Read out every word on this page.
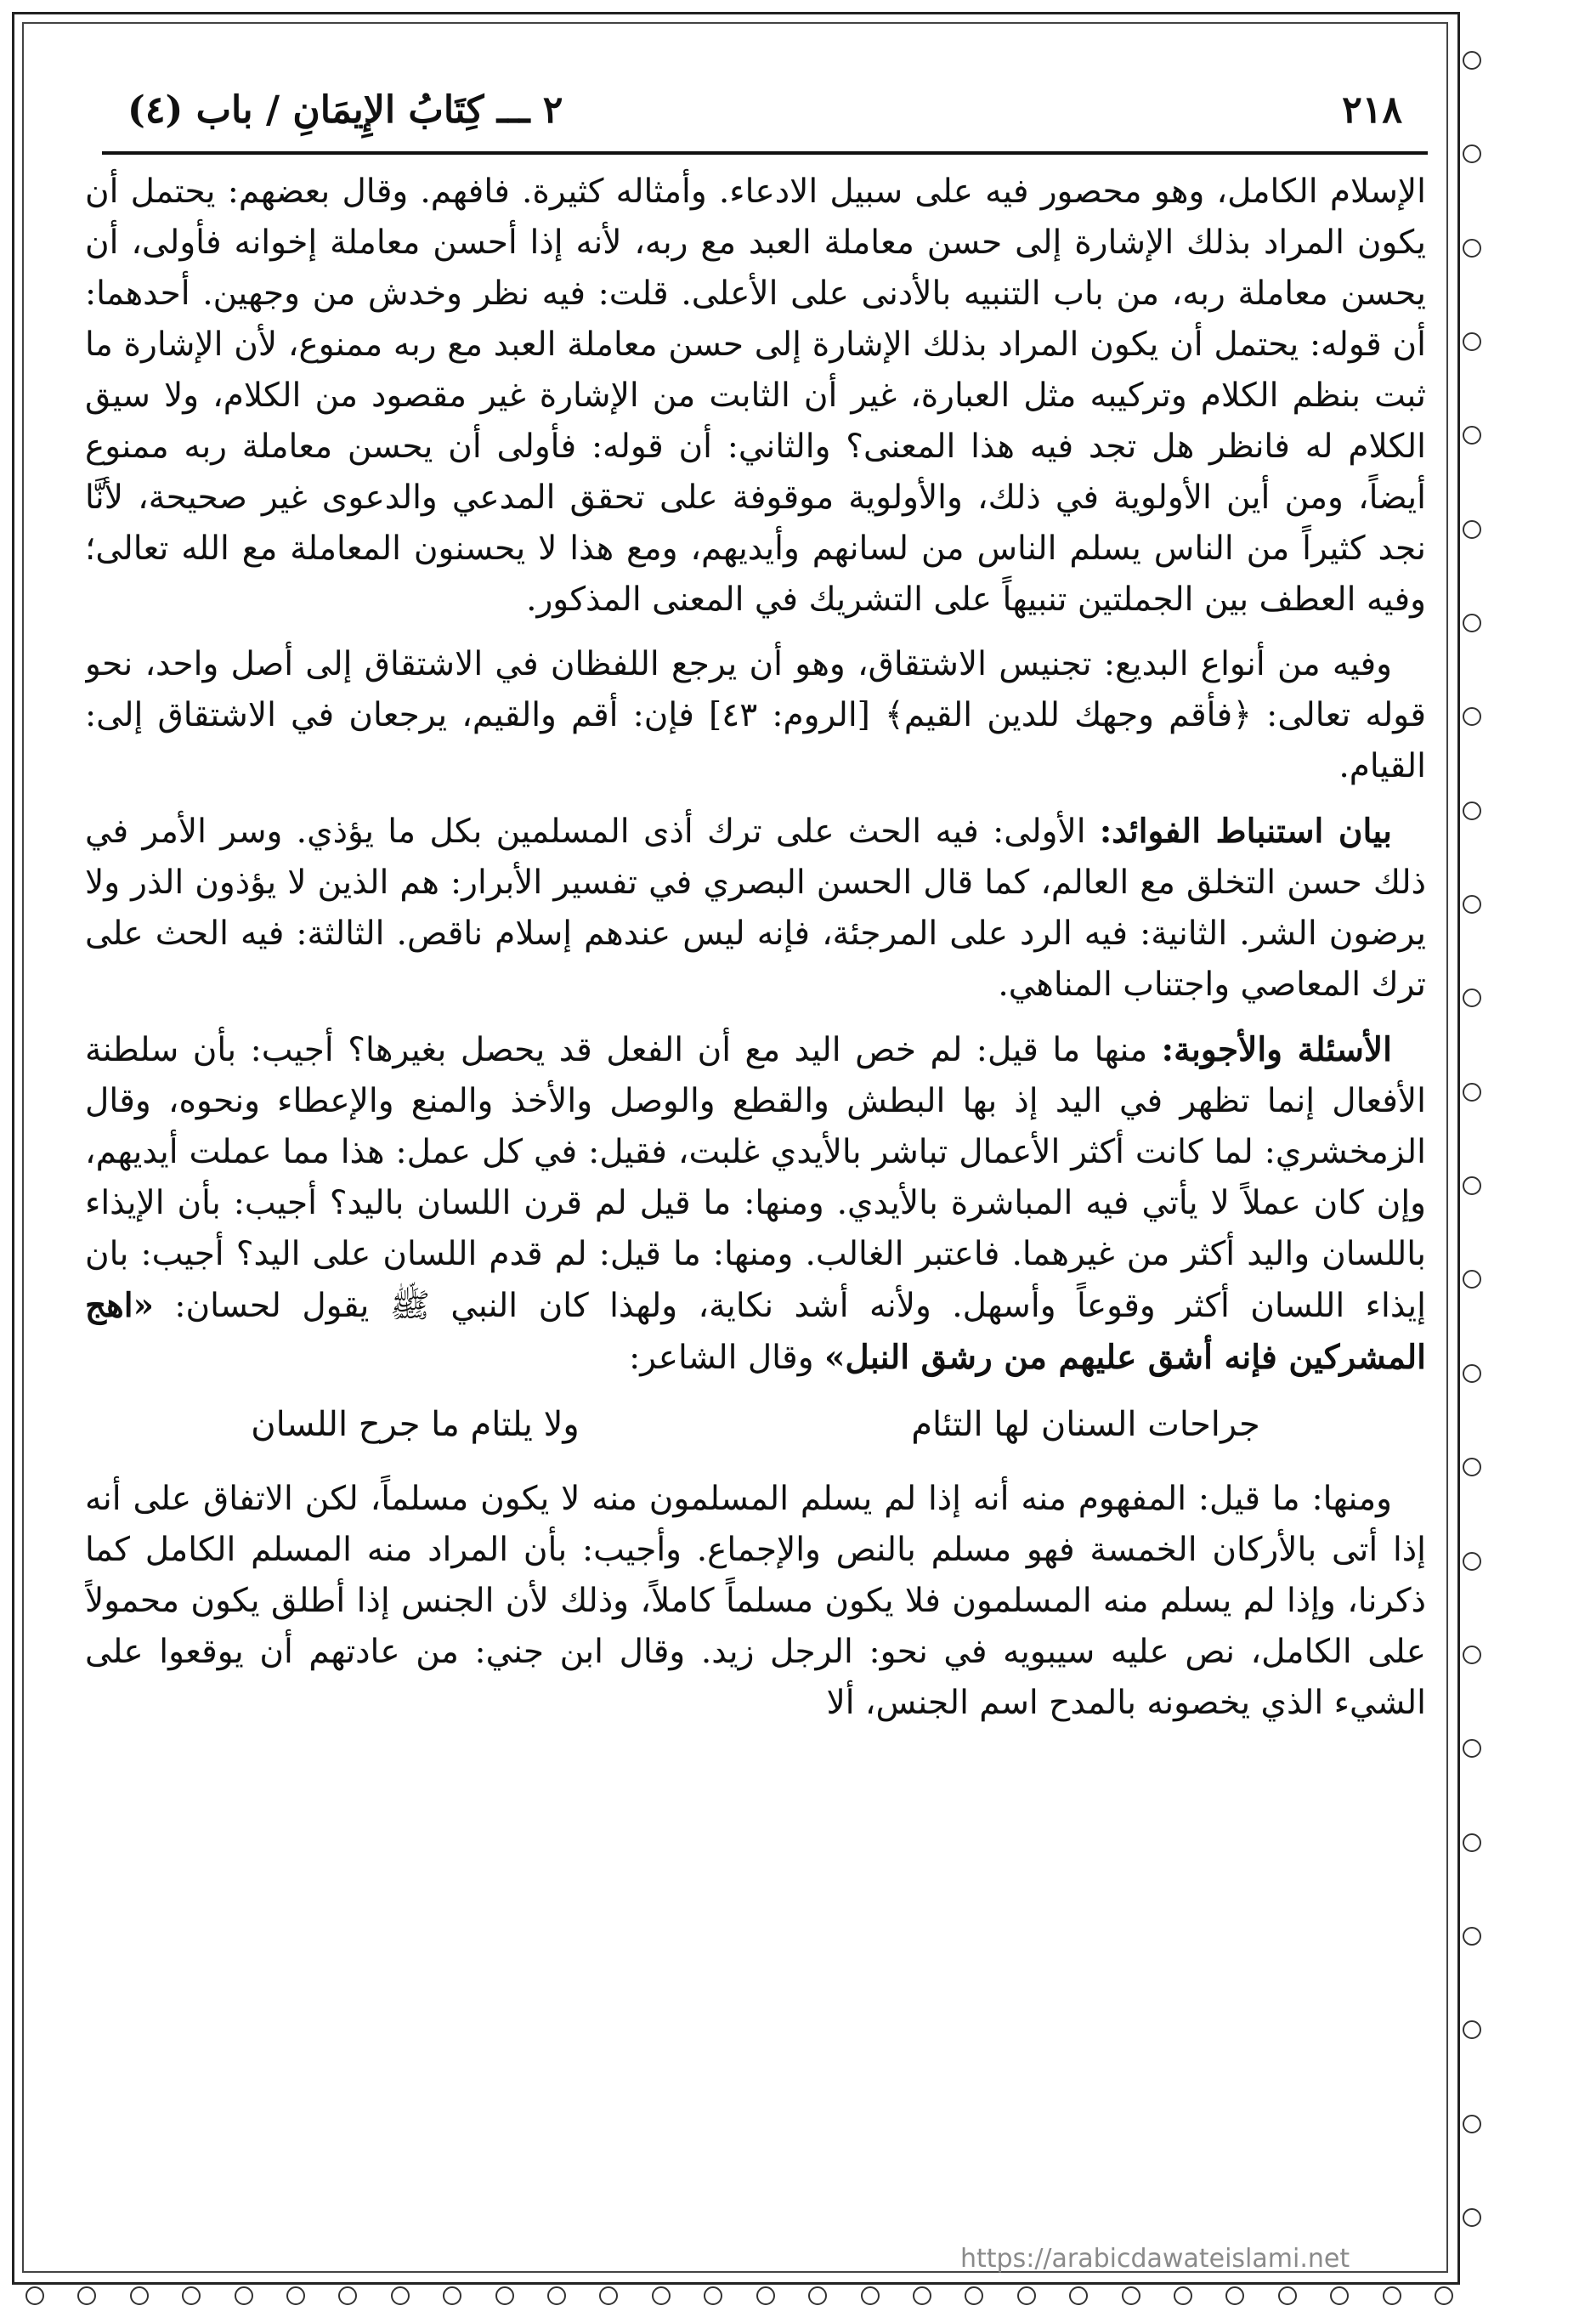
٢١٨
٢ ـــ كِتَابُ الإِيمَانِ / باب (٤)

الإسلام الكامل، وهو محصور فيه على سبيل الادعاء. وأمثاله كثيرة. فافهم. وقال بعضهم: يحتمل أن يكون المراد بذلك الإشارة إلى حسن معاملة العبد مع ربه، لأنه إذا أحسن معاملة إخوانه فأولى، أن يحسن معاملة ربه، من باب التنبيه بالأدنى على الأعلى. قلت: فيه نظر وخدش من وجهين. أحدهما: أن قوله: يحتمل أن يكون المراد بذلك الإشارة إلى حسن معاملة العبد مع ربه ممنوع، لأن الإشارة ما ثبت بنظم الكلام وتركيبه مثل العبارة، غير أن الثابت من الإشارة غير مقصود من الكلام، ولا سيق الكلام له فانظر هل تجد فيه هذا المعنى؟ والثاني: أن قوله: فأولى أن يحسن معاملة ربه ممنوع أيضاً، ومن أين الأولوية في ذلك، والأولوية موقوفة على تحقق المدعي والدعوى غير صحيحة، لأنَّا نجد كثيراً من الناس يسلم الناس من لسانهم وأيديهم، ومع هذا لا يحسنون المعاملة مع الله تعالى؛ وفيه العطف بين الجملتين تنبيهاً على التشريك في المعنى المذكور.

وفيه من أنواع البديع: تجنيس الاشتقاق، وهو أن يرجع اللفظان في الاشتقاق إلى أصل واحد، نحو قوله تعالى: ﴿فأقم وجهك للدين القيم﴾ [الروم: ٤٣] فإن: أقم والقيم، يرجعان في الاشتقاق إلى: القيام.

بيان استنباط الفوائد: الأولى: فيه الحث على ترك أذى المسلمين بكل ما يؤذي. وسر الأمر في ذلك حسن التخلق مع العالم، كما قال الحسن البصري في تفسير الأبرار: هم الذين لا يؤذون الذر ولا يرضون الشر. الثانية: فيه الرد على المرجئة، فإنه ليس عندهم إسلام ناقص. الثالثة: فيه الحث على ترك المعاصي واجتناب المناهي.

الأسئلة والأجوبة: منها ما قيل: لم خص اليد مع أن الفعل قد يحصل بغيرها؟ أجيب: بأن سلطنة الأفعال إنما تظهر في اليد إذ بها البطش والقطع والوصل والأخذ والمنع والإعطاء ونحوه، وقال الزمخشري: لما كانت أكثر الأعمال تباشر بالأيدي غلبت، فقيل: في كل عمل: هذا مما عملت أيديهم، وإن كان عملاً لا يأتي فيه المباشرة بالأيدي. ومنها: ما قيل لم قرن اللسان باليد؟ أجيب: بأن الإيذاء باللسان واليد أكثر من غيرهما. فاعتبر الغالب. ومنها: ما قيل: لم قدم اللسان على اليد؟ أجيب: بان إيذاء اللسان أكثر وقوعاً وأسهل. ولأنه أشد نكاية، ولهذا كان النبي ﷺ يقول لحسان: «اهج المشركين فإنه أشق عليهم من رشق النبل» وقال الشاعر:

جراحات السنان لها التئام
ولا يلتام ما جرح اللسان

ومنها: ما قيل: المفهوم منه أنه إذا لم يسلم المسلمون منه لا يكون مسلماً، لكن الاتفاق على أنه إذا أتى بالأركان الخمسة فهو مسلم بالنص والإجماع. وأجيب: بأن المراد منه المسلم الكامل كما ذكرنا، وإذا لم يسلم منه المسلمون فلا يكون مسلماً كاملاً، وذلك لأن الجنس إذا أطلق يكون محمولاً على الكامل، نص عليه سيبويه في نحو: الرجل زيد. وقال ابن جني: من عادتهم أن يوقعوا على الشيء الذي يخصونه بالمدح اسم الجنس، ألا

https://arabicdawateislami.net
